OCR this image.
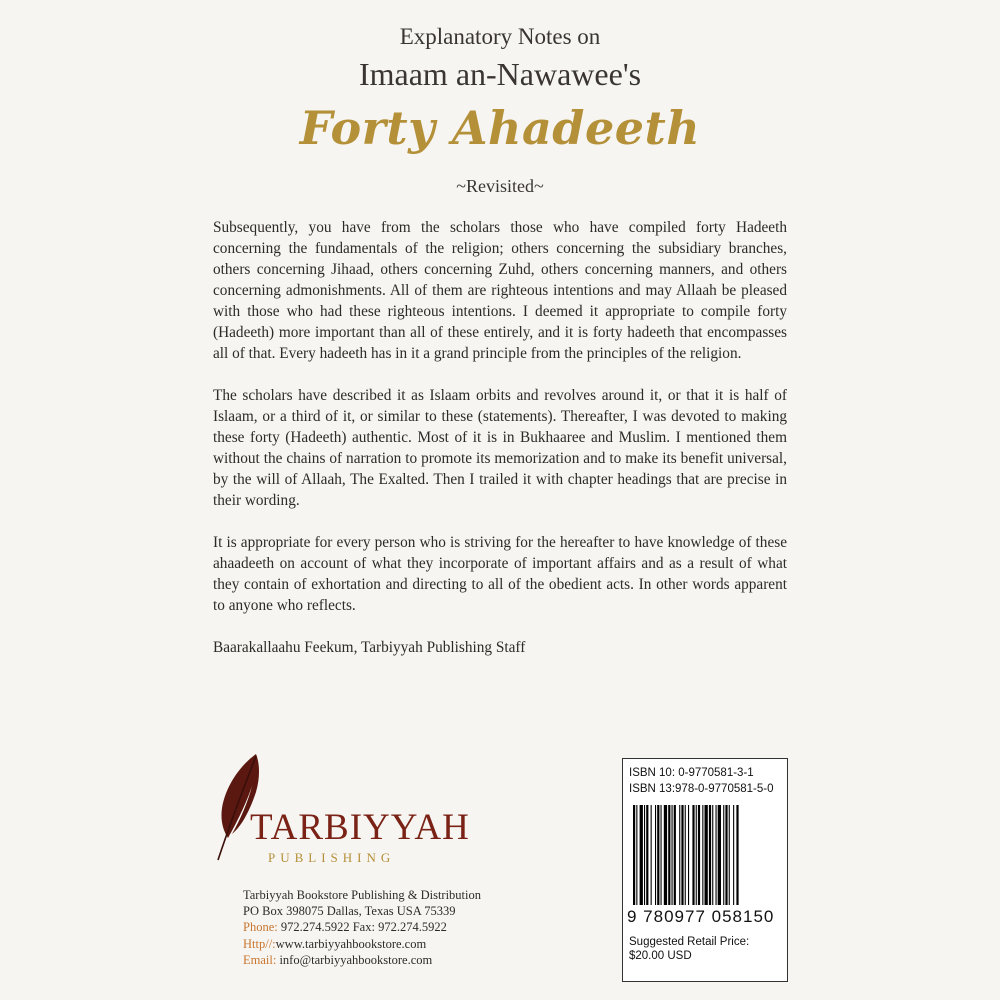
Explanatory Notes on
Imaam an-Nawawee's
Forty Ahadeeth
~Revisited~

Subsequently, you have from the scholars those who have compiled forty Hadeeth concerning the fundamentals of the religion; others concerning the subsidiary branches, others concerning Jihaad, others concerning Zuhd, others concerning manners, and others concerning admonishments. All of them are righteous intentions and may Allaah be pleased with those who had these righteous intentions. I deemed it appropriate to compile forty (Hadeeth) more important than all of these entirely, and it is forty hadeeth that encompasses all of that. Every hadeeth has in it a grand principle from the principles of the religion.

The scholars have described it as Islaam orbits and revolves around it, or that it is half of Islaam, or a third of it, or similar to these (statements). Thereafter, I was devoted to making these forty (Hadeeth) authentic. Most of it is in Bukhaaree and Muslim. I mentioned them without the chains of narration to promote its memorization and to make its benefit universal, by the will of Allaah, The Exalted. Then I trailed it with chapter headings that are precise in their wording.

It is appropriate for every person who is striving for the hereafter to have knowledge of these ahaadeeth on account of what they incorporate of important affairs and as a result of what they contain of exhortation and directing to all of the obedient acts. In other words apparent to anyone who reflects.

Baarakallaahu Feekum, Tarbiyyah Publishing Staff

TARBIYYAH
PUBLISHING
Tarbiyyah Bookstore Publishing & Distribution
PO Box 398075 Dallas, Texas USA 75339
Phone: 972.274.5922 Fax: 972.274.5922
Http//:www.tarbiyyahbookstore.com
Email: info@tarbiyyahbookstore.com
ISBN 10: 0-9770581-3-1
ISBN 13:978-0-9770581-5-0
9 780977 058150
Suggested Retail Price:
$20.00 USD
